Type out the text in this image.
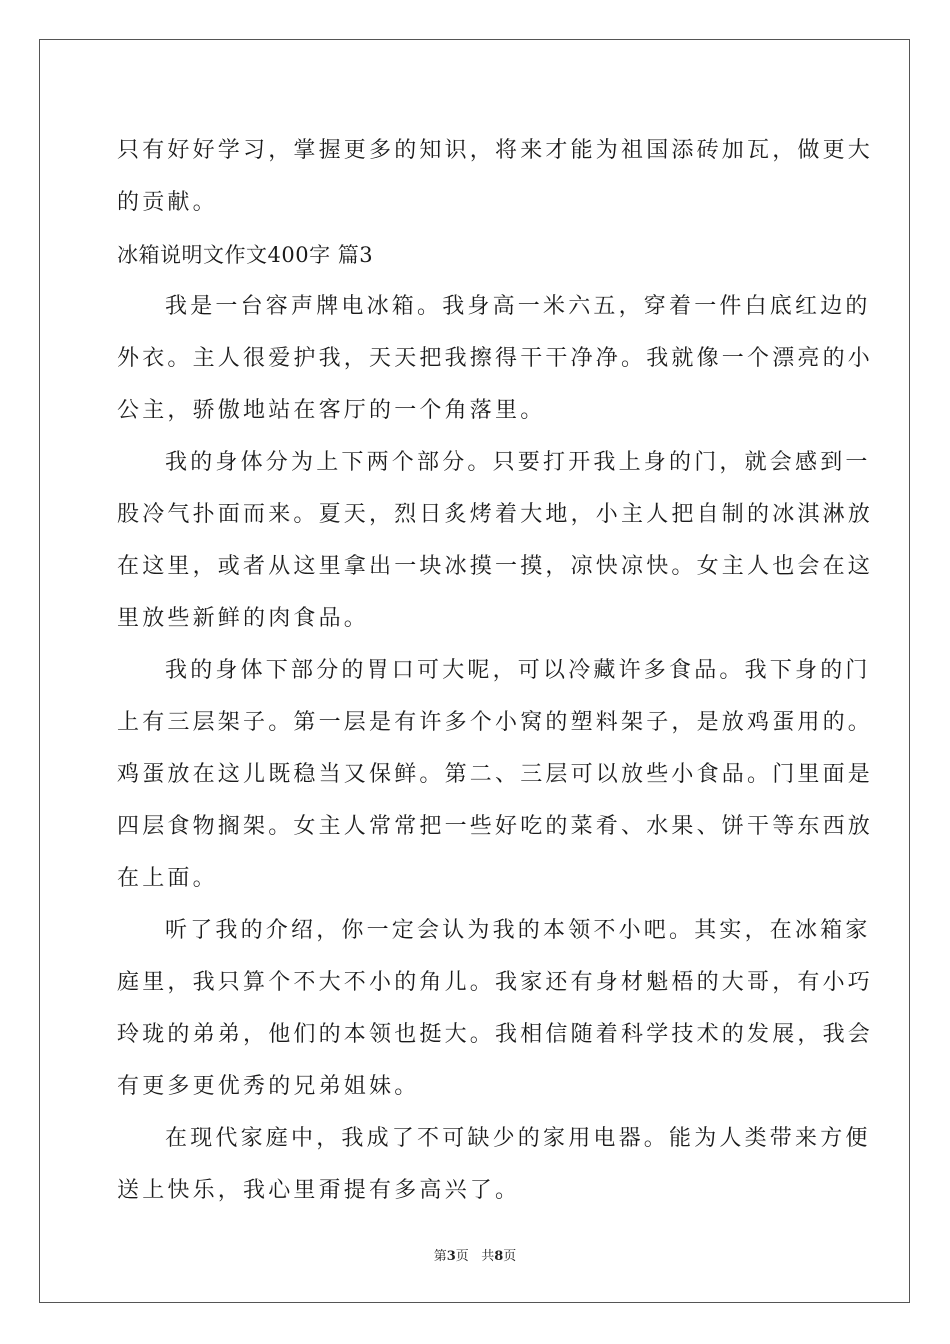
只有好好学习，掌握更多的知识，将来才能为祖国添砖加瓦，做更大
的贡献。
冰箱说明文作文400字 篇3
我是一台容声牌电冰箱。我身高一米六五，穿着一件白底红边的
外衣。主人很爱护我，天天把我擦得干干净净。我就像一个漂亮的小
公主，骄傲地站在客厅的一个角落里。
我的身体分为上下两个部分。只要打开我上身的门，就会感到一
股冷气扑面而来。夏天，烈日炙烤着大地，小主人把自制的冰淇淋放
在这里，或者从这里拿出一块冰摸一摸，凉快凉快。女主人也会在这
里放些新鲜的肉食品。
我的身体下部分的胃口可大呢，可以冷藏许多食品。我下身的门
上有三层架子。第一层是有许多个小窝的塑料架子，是放鸡蛋用的。
鸡蛋放在这儿既稳当又保鲜。第二、三层可以放些小食品。门里面是
四层食物搁架。女主人常常把一些好吃的菜肴、水果、饼干等东西放
在上面。
听了我的介绍，你一定会认为我的本领不小吧。其实，在冰箱家
庭里，我只算个不大不小的角儿。我家还有身材魁梧的大哥，有小巧
玲珑的弟弟，他们的本领也挺大。我相信随着科学技术的发展，我会
有更多更优秀的兄弟姐妹。
在现代家庭中，我成了不可缺少的家用电器。能为人类带来方便
送上快乐，我心里甭提有多高兴了。
第3页 共8页
